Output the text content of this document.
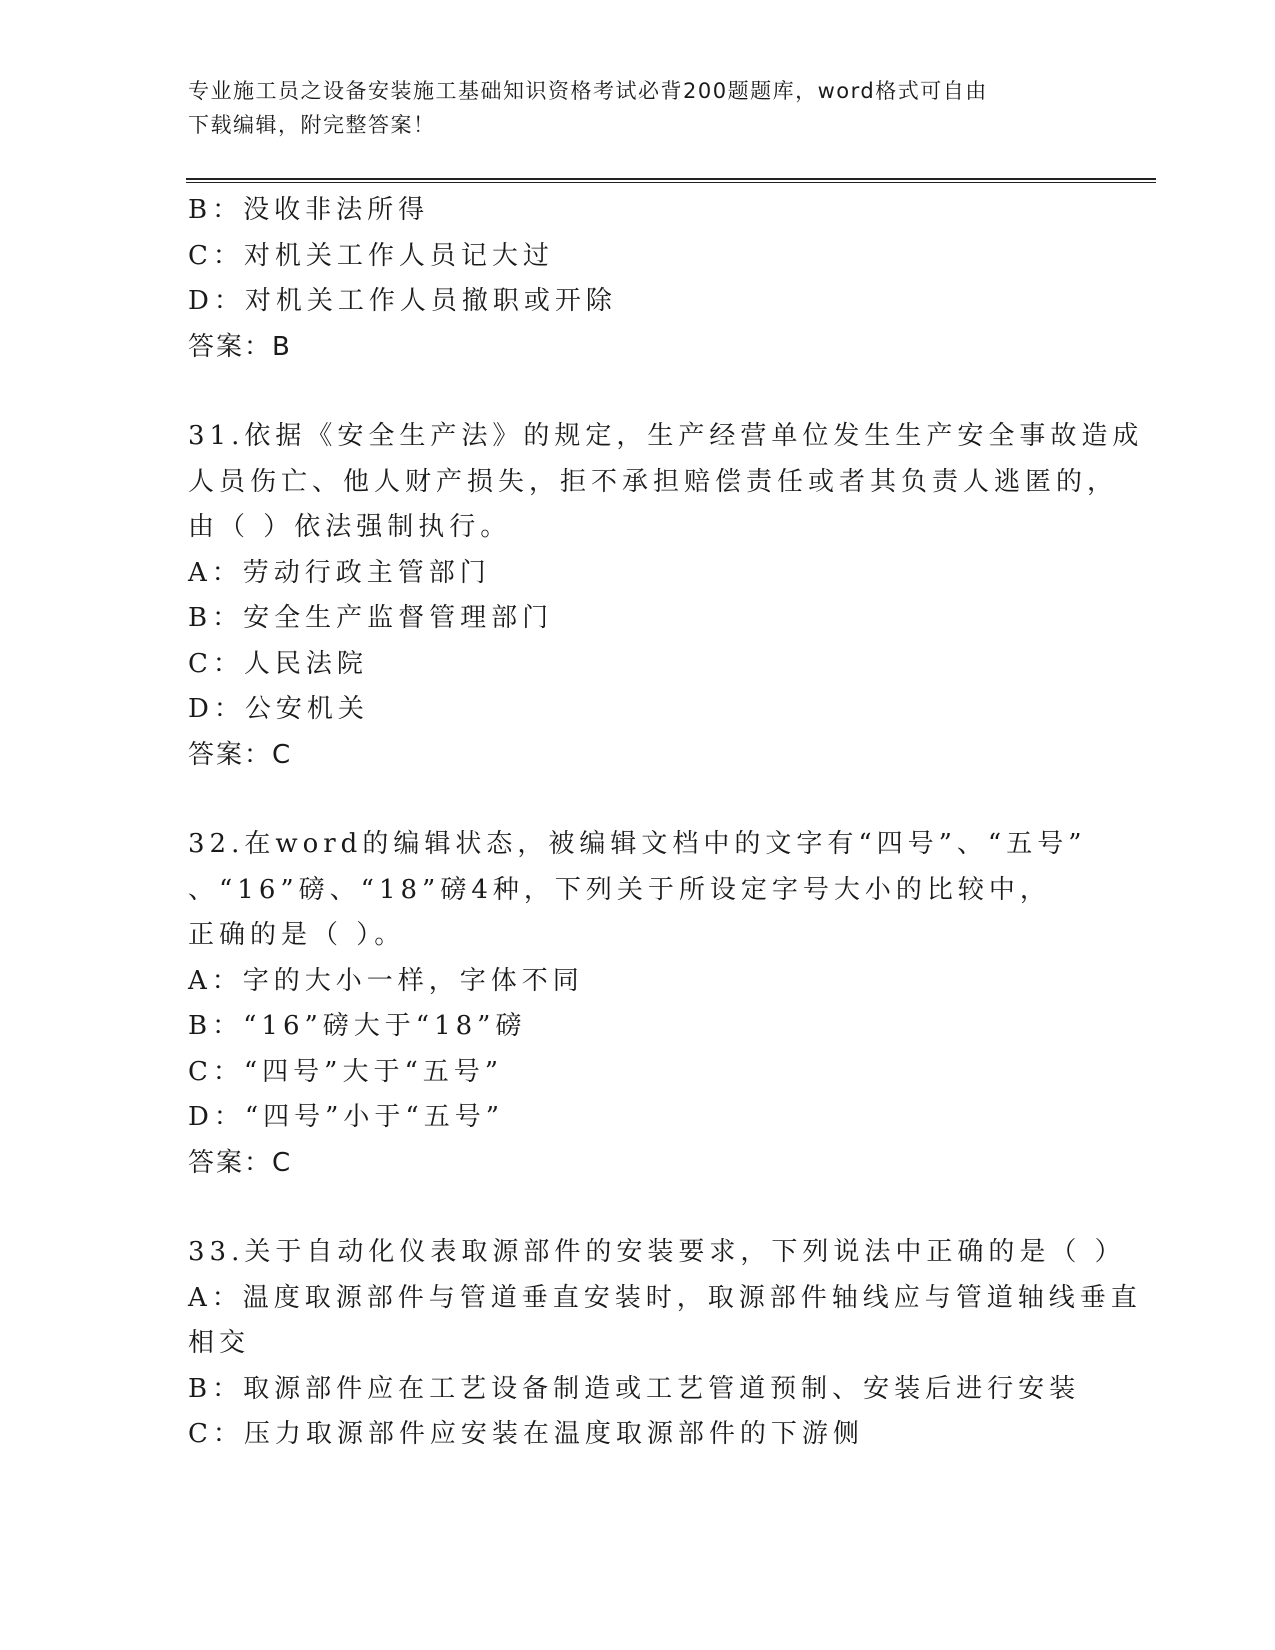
专业施工员之设备安装施工基础知识资格考试必背200题题库，word格式可自由
下载编辑，附完整答案！
B：没收非法所得
C：对机关工作人员记大过
D：对机关工作人员撤职或开除
答案：B
31.依据《安全生产法》的规定，生产经营单位发生生产安全事故造成
人员伤亡、他人财产损失，拒不承担赔偿责任或者其负责人逃匿的，
由（ ）依法强制执行。
A：劳动行政主管部门
B：安全生产监督管理部门
C：人民法院
D：公安机关
答案：C
32.在word的编辑状态，被编辑文档中的文字有“四号”、“五号”
、“16”磅、“18”磅4种，下列关于所设定字号大小的比较中，
正确的是（ ）。
A：字的大小一样，字体不同
B：“16”磅大于“18”磅
C：“四号”大于“五号”
D：“四号”小于“五号”
答案：C
33.关于自动化仪表取源部件的安装要求，下列说法中正确的是（ ）
A：温度取源部件与管道垂直安装时，取源部件轴线应与管道轴线垂直
相交
B：取源部件应在工艺设备制造或工艺管道预制、安装后进行安装
C：压力取源部件应安装在温度取源部件的下游侧
